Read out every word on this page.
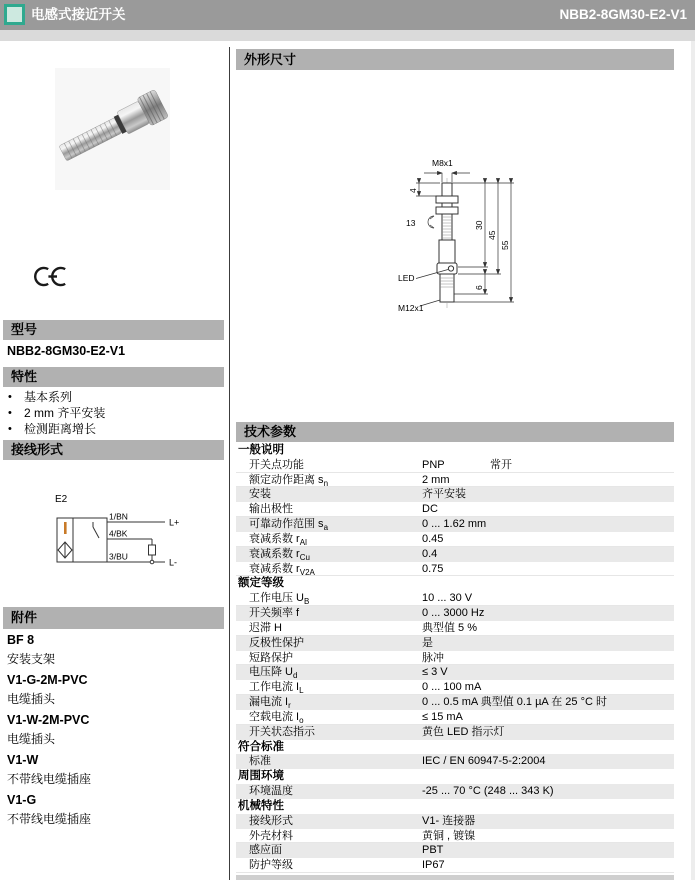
电感式接近开关	NBB2-8GM30-E2-V1
型号
NBB2-8GM30-E2-V1
特性
•	基本系列
•	2 mm 齐平安装
•	检测距离增长
接线形式
E2
1/BN
4/BK
3/BU
L+
L-
附件
BF 8
安装支架
V1-G-2M-PVC
电缆插头
V1-W-2M-PVC
电缆插头
V1-W
不带线电缆插座
V1-G
不带线电缆插座
外形尺寸
M8x1
4
13	30
45
55
6
LED
M12x1
技术参数
一般说明
开关点功能	PNP	常开
额定动作距离 $s_n$	2 mm
安装	齐平安装
输出极性	DC
可靠动作范围 $s_a$	0 ... 1.62 mm
衰减系数 $r_{Al}$	0.45
衰减系数 $r_{Cu}$	0.4
衰减系数 $r_{V2A}$	0.75
额定等级
工作电压 $U_B$	10 ... 30 V
开关频率 f	0 ... 3000 Hz
迟滞 H	典型值 5 %
反极性保护	是
短路保护	脉冲
电压降 $U_d$	≤ 3 V
工作电流 $I_L$	0 ... 100 mA
漏电流 $I_r$	0 ... 0.5 mA 典型值 0.1 µA 在 25 °C 时
空载电流 $I_o$	≤ 15 mA
开关状态指示	黄色 LED 指示灯
符合标准
标准	IEC / EN 60947-5-2:2004
周围环境
环境温度	-25 ... 70 °C (248 ... 343 K)
机械特性
接线形式	V1- 连接器
外壳材料	黄铜 , 镀镍
感应面	PBT
防护等级	IP67
